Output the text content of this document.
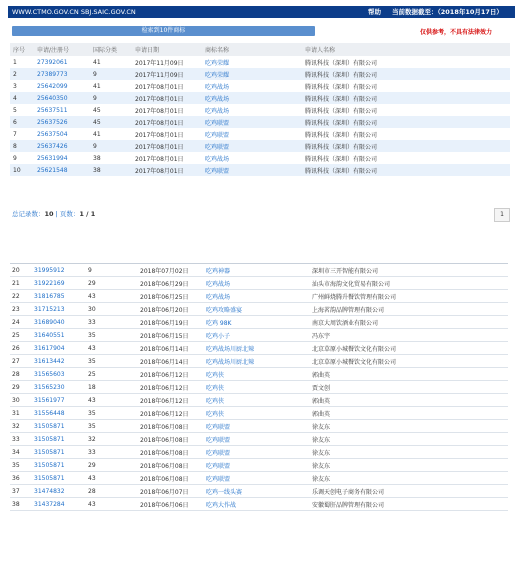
WWW.CTMO.GOV.CN SBJ.SAIC.GOV.CN	帮助 当前数据截至：（2018年10月17日）
检索到10件商标	仅供参考，不具有法律效力
序号	申请/注册号	国际分类	申请日期	商标名称	申请人名称
1	27392061	41	2017年11月09日	吃鸡荣耀	腾讯科技（深圳）有限公司
2	27389773	9	2017年11月09日	吃鸡荣耀	腾讯科技（深圳）有限公司
3	25642099	41	2017年08月01日	吃鸡战场	腾讯科技（深圳）有限公司
4	25640350	9	2017年08月01日	吃鸡战场	腾讯科技（深圳）有限公司
5	25637511	45	2017年08月01日	吃鸡战场	腾讯科技（深圳）有限公司
6	25637526	45	2017年08月01日	吃鸡联盟	腾讯科技（深圳）有限公司
7	25637504	41	2017年08月01日	吃鸡联盟	腾讯科技（深圳）有限公司
8	25637426	9	2017年08月01日	吃鸡联盟	腾讯科技（深圳）有限公司
9	25631994	38	2017年08月01日	吃鸡战场	腾讯科技（深圳）有限公司
10	25621548	38	2017年08月01日	吃鸡联盟	腾讯科技（深圳）有限公司
总记录数：10 | 页数：1 / 1	1
20	31995912	9	2018年07月02日	吃鸡神器	深圳市三开智能有限公司
21	31922169	29	2018年06月29日	吃鸡战场	汕头市海韵文化贸易有限公司
22	31816785	43	2018年06月25日	吃鸡战场	广州鲜烧腾升餐饮管理有限公司
23	31715213	30	2018年06月20日	吃鸡攻略盛宴	上海茗韵品牌管理有限公司
24	31689040	33	2018年06月19日	吃鸡 98K	南京大周饮酒业有限公司
25	31640551	35	2018年06月15日	吃鸡小子	冯东宇
26	31617904	43	2018年06月14日	吃鸡战场川厨北辣	北京草原小城餐饮文化有限公司
27	31613442	35	2018年06月14日	吃鸡战场川厨北辣	北京草原小城餐饮文化有限公司
28	31565603	25	2018年06月12日	吃鸡侠	郭曲英
29	31565230	18	2018年06月12日	吃鸡侠	贾文创
30	31561977	43	2018年06月12日	吃鸡侠	郭曲英
31	31556448	35	2018年06月12日	吃鸡侠	郭曲英
32	31505871	35	2018年06月08日	吃鸡联盟	徐友东
33	31505871	32	2018年06月08日	吃鸡联盟	徐友东
34	31505871	33	2018年06月08日	吃鸡联盟	徐友东
35	31505871	29	2018年06月08日	吃鸡联盟	徐友东
36	31505871	43	2018年06月08日	吃鸡联盟	徐友东
37	31474832	28	2018年06月07日	吃鸡一线头赛	乐调天创电子商务有限公司
38	31437284	43	2018年06月06日	吃鸡大作战	安徽蜀肝品牌管理有限公司
